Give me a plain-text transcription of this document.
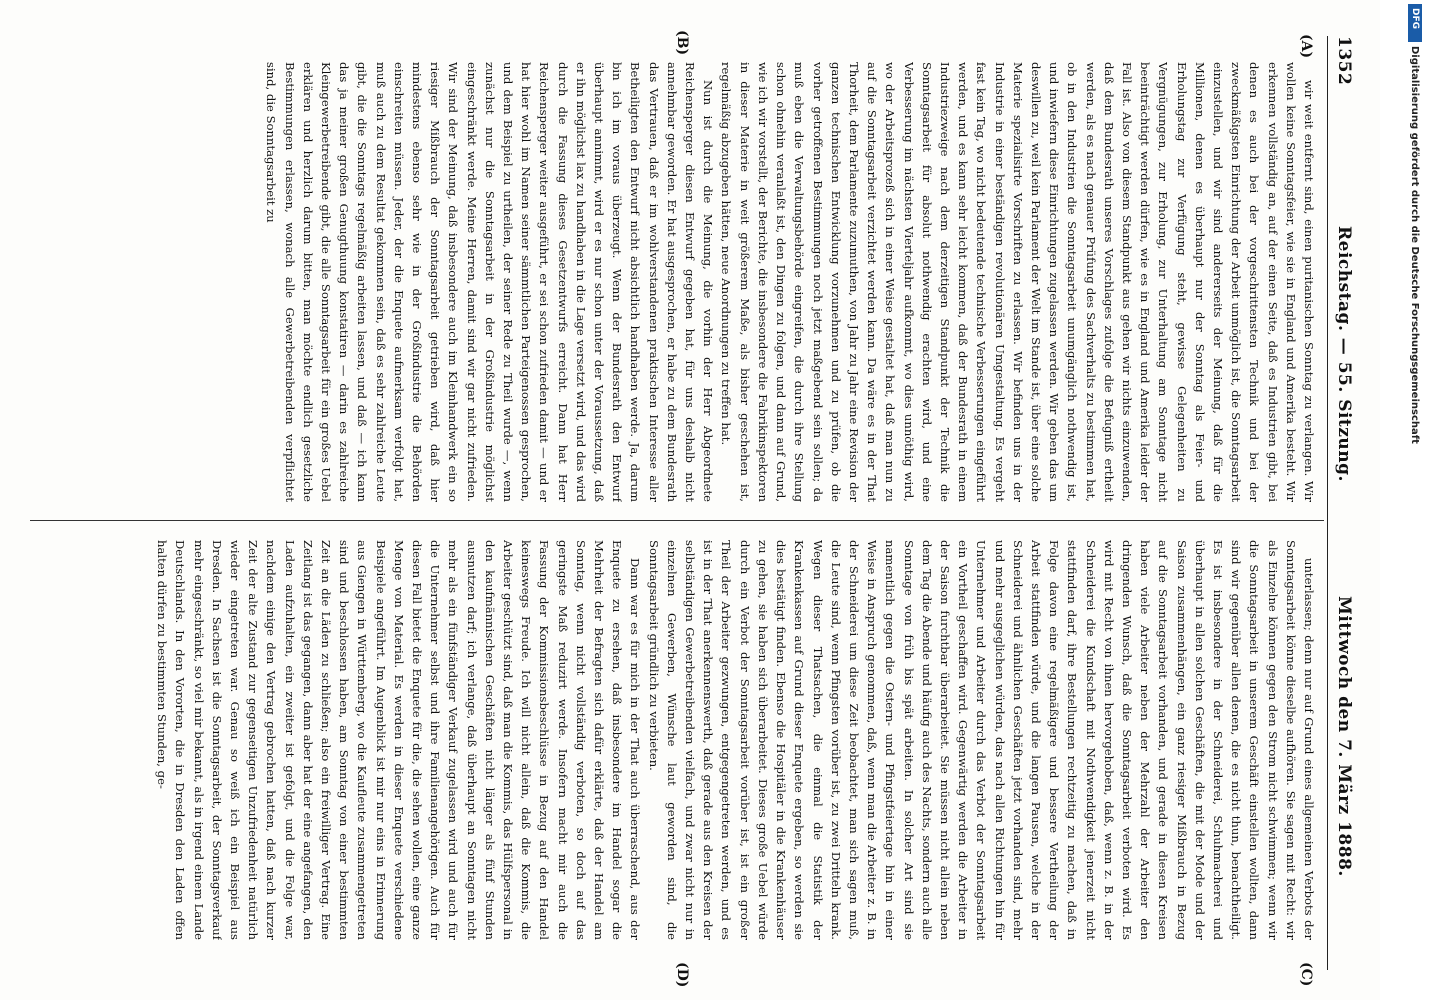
1352
Reichstag. — 55. Sitzung.
Mittwoch den 7. März 1888.
(A)
(B)
(C)
(D)

wir weit entfernt sind, einen puritanischen Sonntag zu verlangen. Wir wollen keine Sonntagsfeier, wie sie in England und Amerika besteht. Wir erkennen vollständig an, auf der einen Seite, daß es Industrien gibt, bei denen es auch bei der vorgeschrittensten Technik und bei der zweckmäßigsten Einrichtung der Arbeit unmöglich ist, die Sonntagsarbeit einzustellen, und wir sind andererseits der Meinung, daß für die Millionen, denen es überhaupt nur der Sonntag als Feier- und Erholungstag zur Verfügung steht, gewisse Gelegenheiten zu Vergnügungen, zur Erholung, zur Unterhaltung am Sonntage nicht beeinträchtigt werden dürfen, wie es in England und Amerika leider der Fall ist. Also von diesem Standpunkt aus gehen wir nichts einzuwenden, daß dem Bundesrath unseres Vorschlages zufolge die Befugniß ertheilt werden, als es nach genauer Prüfung des Sachverhalts zu bestimmen hat, ob in den Industrien die Sonntagsarbeit unumgänglich nothwendig ist, und inwiefern diese Einrichtungen zugelassen werden. Wir geben das um deswillen zu, weil kein Parlament der Welt im Stande ist, über eine solche Materie spezialisirte Vorschriften zu erlassen. Wir befinden uns in der Industrie in einer beständigen revolutionären Umgestaltung. Es vergeht fast kein Tag, wo nicht bedeutende technische Verbesserungen eingeführt werden, und es kann sehr leicht kommen, daß der Bundesrath in einem Industriezweige nach dem derzeitigen Standpunkt der Technik die Sonntagsarbeit für absolut nothwendig erachten wird, und eine Verbesserung im nächsten Vierteljahr aufkommt, wo dies unnöthig wird, wo der Arbeitsprozeß sich in einer Weise gestaltet hat, daß man nun zu auf die Sonntagsarbeit verzichtet werden kann. Da wäre es in der That Thorheit, dem Parlamente zuzumuthen, von Jahr zu Jahr eine Revision der ganzen technischen Entwicklung vorzunehmen und zu prüfen, ob die vorher getroffenen Bestimmungen noch jetzt maßgebend sein sollen; da muß eben die Verwaltungsbehörde eingreifen, die durch ihre Stellung schon ohnehin veranlaßt ist, den Dingen zu folgen, und dann auf Grund, wie ich wir vorstellt, der Berichte, die insbesondere die Fabrikinspektoren in dieser Materie in weit größerem Maße, als bisher geschehen ist, regelmäßig abzugeben hätten, neue Anordnungen zu treffen hat.

Nun ist durch die Meinung, die vorhin der Herr Abgeordnete Reichensperger diesen Entwurf gegeben hat, für uns deshalb nicht annehmbar geworden. Er hat ausgesprochen, er habe zu dem Bundesrath das Vertrauen, daß er im wohlverstandenen praktischen Interesse aller Betheiligten den Entwurf nicht absichtlich handhaben werde. Ja, darum bin ich im voraus überzeugt. Wenn der Bundesrath den Entwurf überhaupt annimmt, wird er es nur schon unter der Voraussetzung, daß er ihn möglichst lax zu handhaben in die Lage versetzt wird, und das wird durch die Fassung dieses Gesetzentwurfs erreicht. Dann hat Herr Reichensperger weiter ausgeführt, er sei schon zufrieden damit — und er hat hier wohl im Namen seiner sämmtlichen Parteigenossen gesprochen, und dem Beispiel zu urtheilen, der seiner Rede zu Theil wurde —, wenn zunächst nur die Sonntagsarbeit in der Großindustrie möglichst eingeschränkt werde. Meine Herren, damit sind wir gar nicht zufrieden. Wir sind der Meinung, daß insbesondere auch im Kleinhandwerk ein so riesiger Mißbrauch der Sonntagsarbeit getrieben wird, daß hier mindestens ebenso sehr wie in der Großindustrie die Behörden einschreiten müssen. Jeder, der die Enquete aufmerksam verfolgt hat, muß auch zu dem Resultat gekommen sein, daß es sehr zahlreiche Leute gibt, die die Sonntags regelmäßig arbeiten lassen, und daß — ich kann das ja meiner großen Genugthuung konstatiren — darin es zahlreiche Kleingewerbetreibende gibt, die alle Sonntagsarbeit für ein großes Uebel erklären und herzlich darum bitten, man möchte endlich gesetzliche Bestimmungen erlassen, wonach alle Gewerbetreibenden verpflichtet sind, die Sonntagsarbeit zu

unterlassen; denn nur auf Grund eines allgemeinen Verbots der Sonntagsarbeit könne dieselbe aufhören. Sie sagen mit Recht: wir als Einzelne können gegen den Strom nicht schwimmen; wenn wir die Sonntagsarbeit in unserem Geschäft einstellen wollten, dann sind wir gegenüber allen denen, die es nicht thun, benachtheiligt. Es ist insbesondere in der Schneiderei, Schuhmacherei und überhaupt in allen solchen Geschäften, die mit der Mode und der Saison zusammenhängen, ein ganz riesiger Mißbrauch in Bezug auf die Sonntagsarbeit vorhanden, und gerade in diesen Kreisen haben viele Arbeiter neben der Mehrzahl der Arbeiter den dringenden Wunsch, daß die Sonntagsarbeit verboten wird. Es wird mit Recht von ihnen hervorgehoben, daß, wenn z. B. in der Schneiderei die Kundschaft mit Nothwendigkeit jenerzeit nicht stattfinden darf, ihre Bestellungen rechtzeitig zu machen, daß in Folge davon eine regelmäßigere und bessere Vertheilung der Arbeit stattfinden würde, und die langen Pausen, welche in der Schneiderei und ähnlichen Geschäften jetzt vorhanden sind, mehr und mehr ausgeglichen würden, das nach allen Richtungen hin für Unternehmer und Arbeiter durch das Verbot der Sonntagsarbeit ein Vortheil geschaffen wird. Gegenwärtig werden die Arbeiter in der Saison furchtbar überarbeitet. Sie müssen nicht allein neben dem Tag die Abende und häufig auch des Nachts, sondern auch alle Sonntage von früh bis spät arbeiten. In solcher Art sind sie namentlich gegen die Ostern- und Pfingstfeiertage hin in einer Weise in Anspruch genommen, daß, wenn man die Arbeiter z. B. in der Schneiderei um diese Zeit beobachtet, man sich sagen muß, die Leute sind, wenn Pfingsten vorüber ist, zu zwei Dritteln krank. Wegen dieser Thatsachen, die einmal die Statistik der Krankenkassen auf Grund dieser Enquete ergeben, so werden sie dies bestätigt finden. Ebenso die Hospitäler in die Krankenhäuser zu gehen, sie haben sich überarbeitet. Dieses große Uebel würde durch ein Verbot der Sonntagsarbeit vorüber ist, ist ein großer Theil der Arbeiter gezwungen, entgegengetreten werden, und es ist in der That anerkennenswerth, daß gerade aus den Kreisen der selbständigen Gewerbetreibenden vielfach, und zwar nicht nur in einzelnen Gewerben, Wünsche laut geworden sind, die Sonntagsarbeit gründlich zu verbieten.

Dann war es für mich in der That auch überraschend, aus der Enquete zu ersehen, daß insbesondere im Handel sogar die Mehrheit der Befragten sich dafür erklärte, daß der Handel am Sonntag, wenn nicht vollständig verboten, so doch auf das geringste Maß reduzirt werde. Insofern macht mir auch die Fassung der Kommissionsbeschlüsse in Bezug auf den Handel keineswegs Freude. Ich will nicht allein, daß die Kommis, die Arbeiter geschützt sind, daß man die Kommis, das Hülfspersonal in den kaufmännischen Geschäften nicht länger als fünf Stunden ausnutzen darf; ich verlange, daß überhaupt an Sonntagen nicht mehr als ein fünfständiger Verkauf zugelassen wird und auch für die Unternehmer selbst und ihre Familienangehörigen. Auch für diesen Fall bietet die Enquete für die, die sehen wollen, eine ganze Menge von Material. Es werden in dieser Enquete verschiedene Beispiele angeführt. Im Augenblick ist mir nur eins in Erinnerung aus Giengen in Württemberg, wo die Kaufleute zusammengetreten sind und beschlossen haben, am Sonntag von einer bestimmten Zeit an die Läden zu schließen; also ein freiwilliger Vertrag. Eine Zeitlang ist das gegangen, dann aber hat der eine angefangen, den Laden aufzuhalten, ein zweiter ist gefolgt, und die Folge war, nachdem einige den Vertrag gebrochen hatten, daß nach kurzer Zeit der alte Zustand zur gegenseitigen Unzufriedenheit natürlich wieder eingetreten war. Genau so weiß ich ein Beispiel aus Dresden. In Sachsen ist die Sonntagsarbeit, der Sonntagsverkauf mehr eingeschränkt, so viel mir bekannt, als in irgend einem Lande Deutschlands. In den Vororten, die in Dresden den Laden offen halten dürfen zu bestimmten Stunden, ge-

Digitalisierung gefördert durch die Deutsche Forschungsgemeinschaft
DFG
